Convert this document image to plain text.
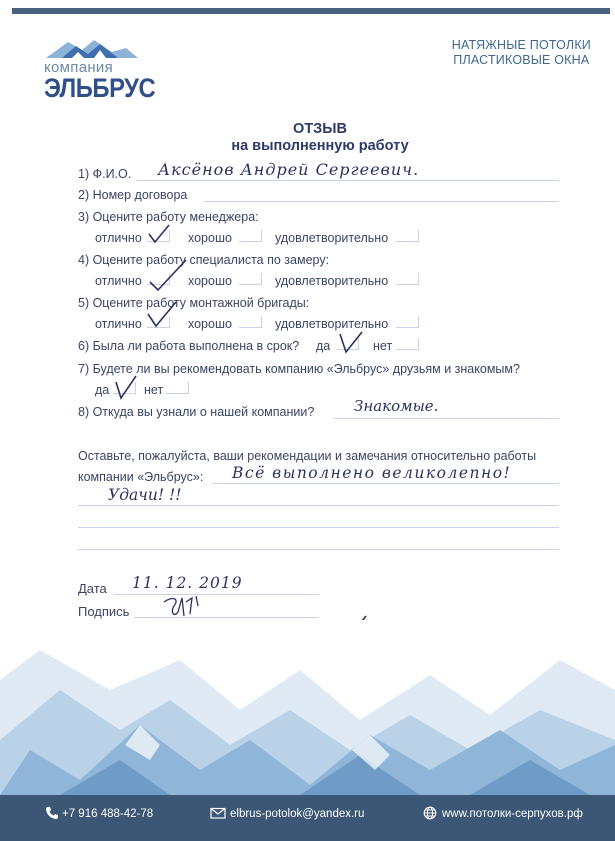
компания
ЭЛЬБРУС
НАТЯЖНЫЕ ПОТОЛКИ
ПЛАСТИКОВЫЕ ОКНА
ОТЗЫВ
на выполненную работу
1) Ф.И.О. Аксёнов Андрей Сергеевич.
2) Номер договора
3) Оцените работу менеджера:
отлично	хорошо	удовлетворительно
4) Оцените работу специалиста по замеру:
отлично	хорошо	удовлетворительно
5) Оцените работу монтажной бригады:
отлично	хорошо	удовлетворительно
6) Была ли работа выполнена в срок? да	нет
7) Будете ли вы рекомендовать компанию «Эльбрус» друзьям и знакомым?
да	нет
8) Откуда вы узнали о нашей компании?	Знакомые.
Оставьте, пожалуйста, ваши рекомендации и замечания относительно работы
компании «Эльбрус»: Всё выполнено великолепно!
Удачи! !!
Дата 11. 12. 2019
Подпись
+7 916 488-42-78	elbrus-potolok@yandex.ru	www.потолки-серпухов.рф
